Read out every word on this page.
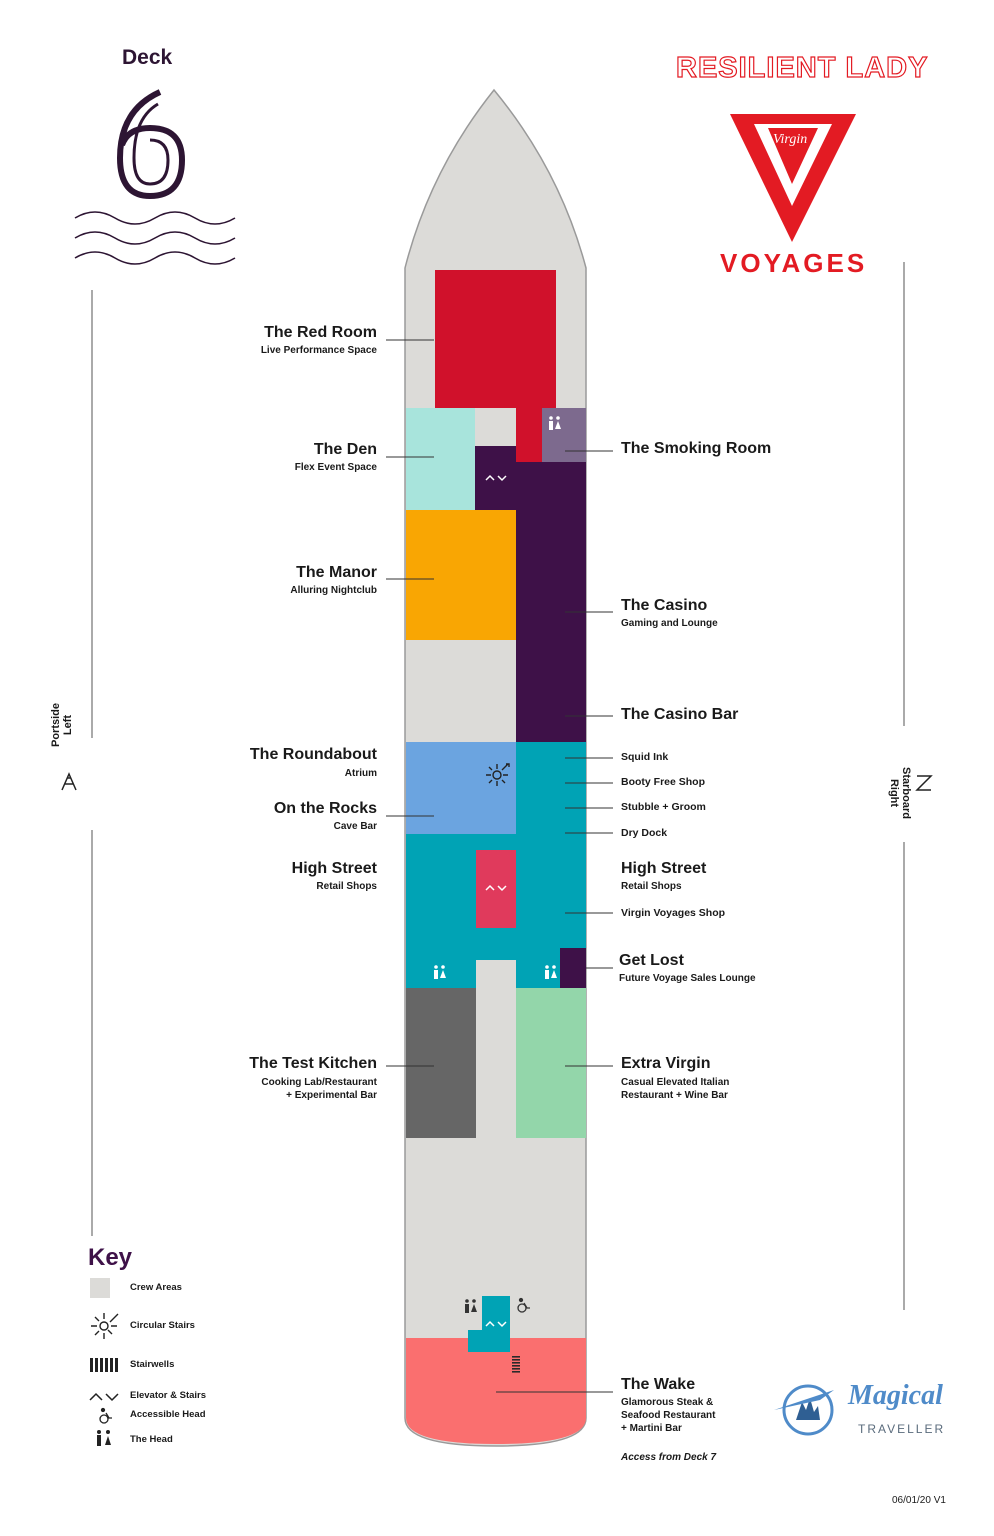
Deck	RESILIENT LADY
Virgin
VOYAGES
Portside Left
Starboard
Right
The Red Room
Live Performance Space
The Den
Flex Event Space
The Manor
Alluring Nightclub
The Roundabout
Atrium
On the Rocks
Cave Bar
High Street
Retail Shops
The Test Kitchen
Cooking Lab/Restaurant
+ Experimental Bar
The Smoking Room
The Casino
Gaming and Lounge
The Casino Bar
Squid Ink
Booty Free Shop
Stubble + Groom
Dry Dock
High Street
Retail Shops
Virgin Voyages Shop
Get Lost
Future Voyage Sales Lounge
Extra Virgin
Casual Elevated Italian
Restaurant + Wine Bar
The Wake
Glamorous Steak &
Seafood Restaurant
+ Martini Bar
Access from Deck 7
Key
Crew Areas
Circular Stairs
Stairwells
Elevator & Stairs
Accessible Head
The Head
Magical
TRAVELLER
06/01/20 V1
